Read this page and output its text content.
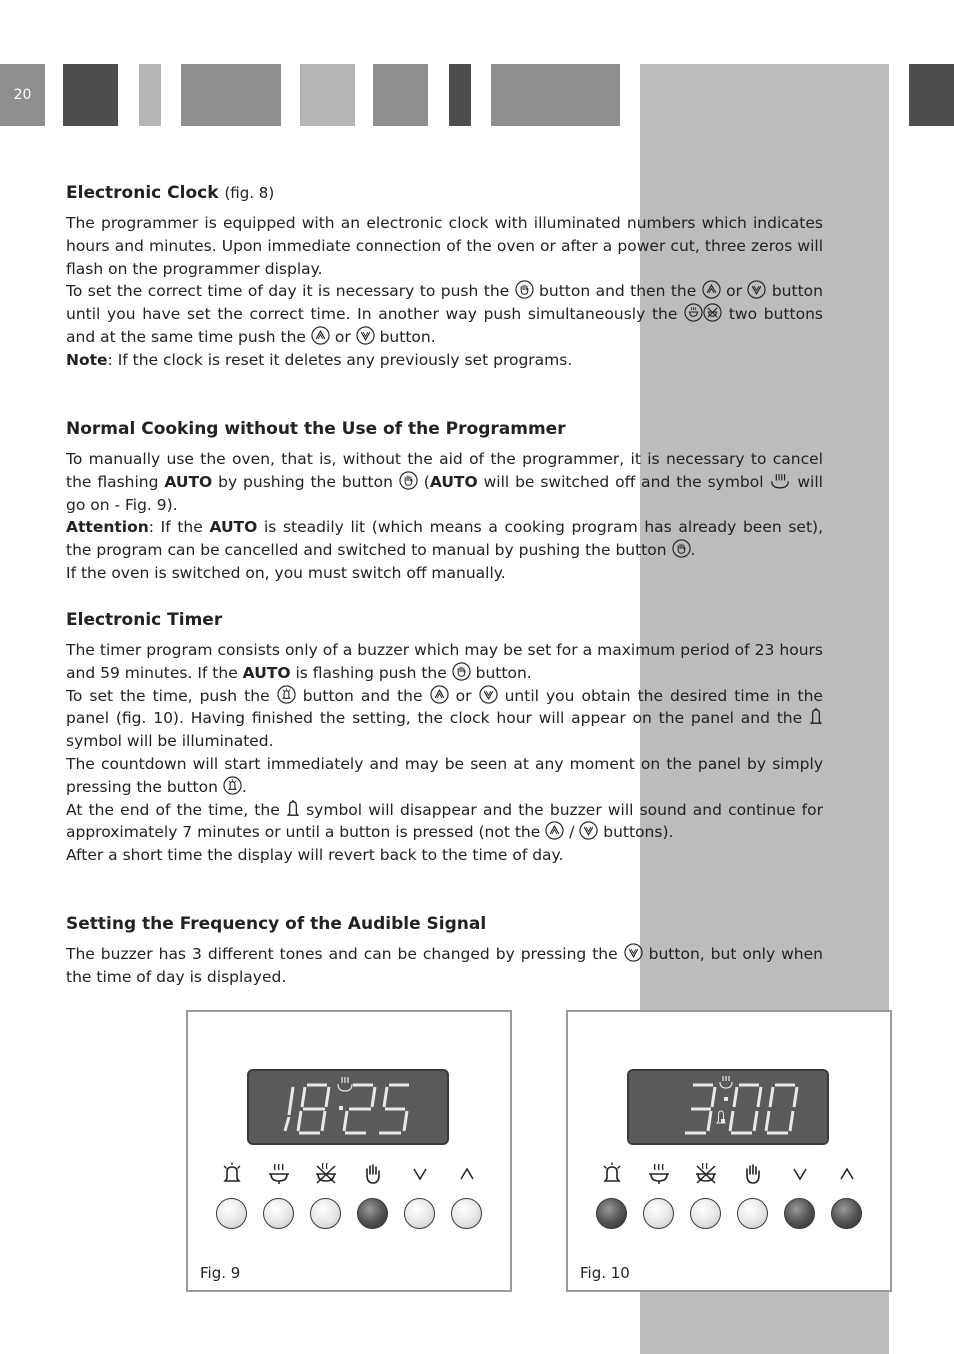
20
Electronic Clock (fig. 8)

The programmer is equipped with an electronic clock with illuminated numbers which indicates hours and minutes. Upon immediate connection of the oven or after a power cut, three zeros will flash on the programmer display.

To set the correct time of day it is necessary to push the button and then the or button until you have set the correct time. In another way push simultaneously the	two buttons and at the same time push the or button.

Note: If the clock is reset it deletes any previously set programs.

Normal Cooking without the Use of the Programmer

To manually use the oven, that is, without the aid of the programmer, it is necessary to cancel the flashing AUTO by pushing the button (AUTO will be switched off and the symbol will go on - Fig. 9).

Attention: If the AUTO is steadily lit (which means a cooking program has already been set), the program can be cancelled and switched to manual by pushing the button .

If the oven is switched on, you must switch off manually.

Electronic Timer

The timer program consists only of a buzzer which may be set for a maximum period of 23 hours and 59 minutes. If the AUTO is flashing push the button.

To set the time, push the button and the or until you obtain the desired time in the panel (fig. 10). Having finished the setting, the clock hour will appear on the panel and the
symbol will be illuminated.

The countdown will start immediately and may be seen at any moment on the panel by simply pressing the button .

At the end of the time, the symbol will disappear and the buzzer will sound and continue for approximately 7 minutes or until a button is pressed (not the / buttons).

After a short time the display will revert back to the time of day.

Setting the Frequency of the Audible Signal

The buzzer has 3 different tones and can be changed by pressing the button, but only when the time of day is displayed.

Fig. 9	Fig. 10
